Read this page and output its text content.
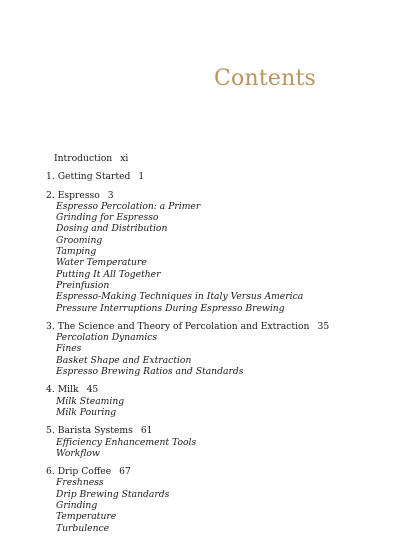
Contents
Introduction xi
1. Getting Started 1
2. Espresso 3
Espresso Percolation: a Primer
Grinding for Espresso
Dosing and Distribution
Grooming
Tamping
Water Temperature
Putting It All Together
Preinfusion
Espresso-Making Techniques in Italy Versus America
Pressure Interruptions During Espresso Brewing
3. The Science and Theory of Percolation and Extraction 35
Percolation Dynamics
Fines
Basket Shape and Extraction
Espresso Brewing Ratios and Standards
4. Milk 45
Milk Steaming
Milk Pouring
5. Barista Systems 61
Efficiency Enhancement Tools
Workflow
6. Drip Coffee 67
Freshness
Drip Brewing Standards
Grinding
Temperature
Turbulence
